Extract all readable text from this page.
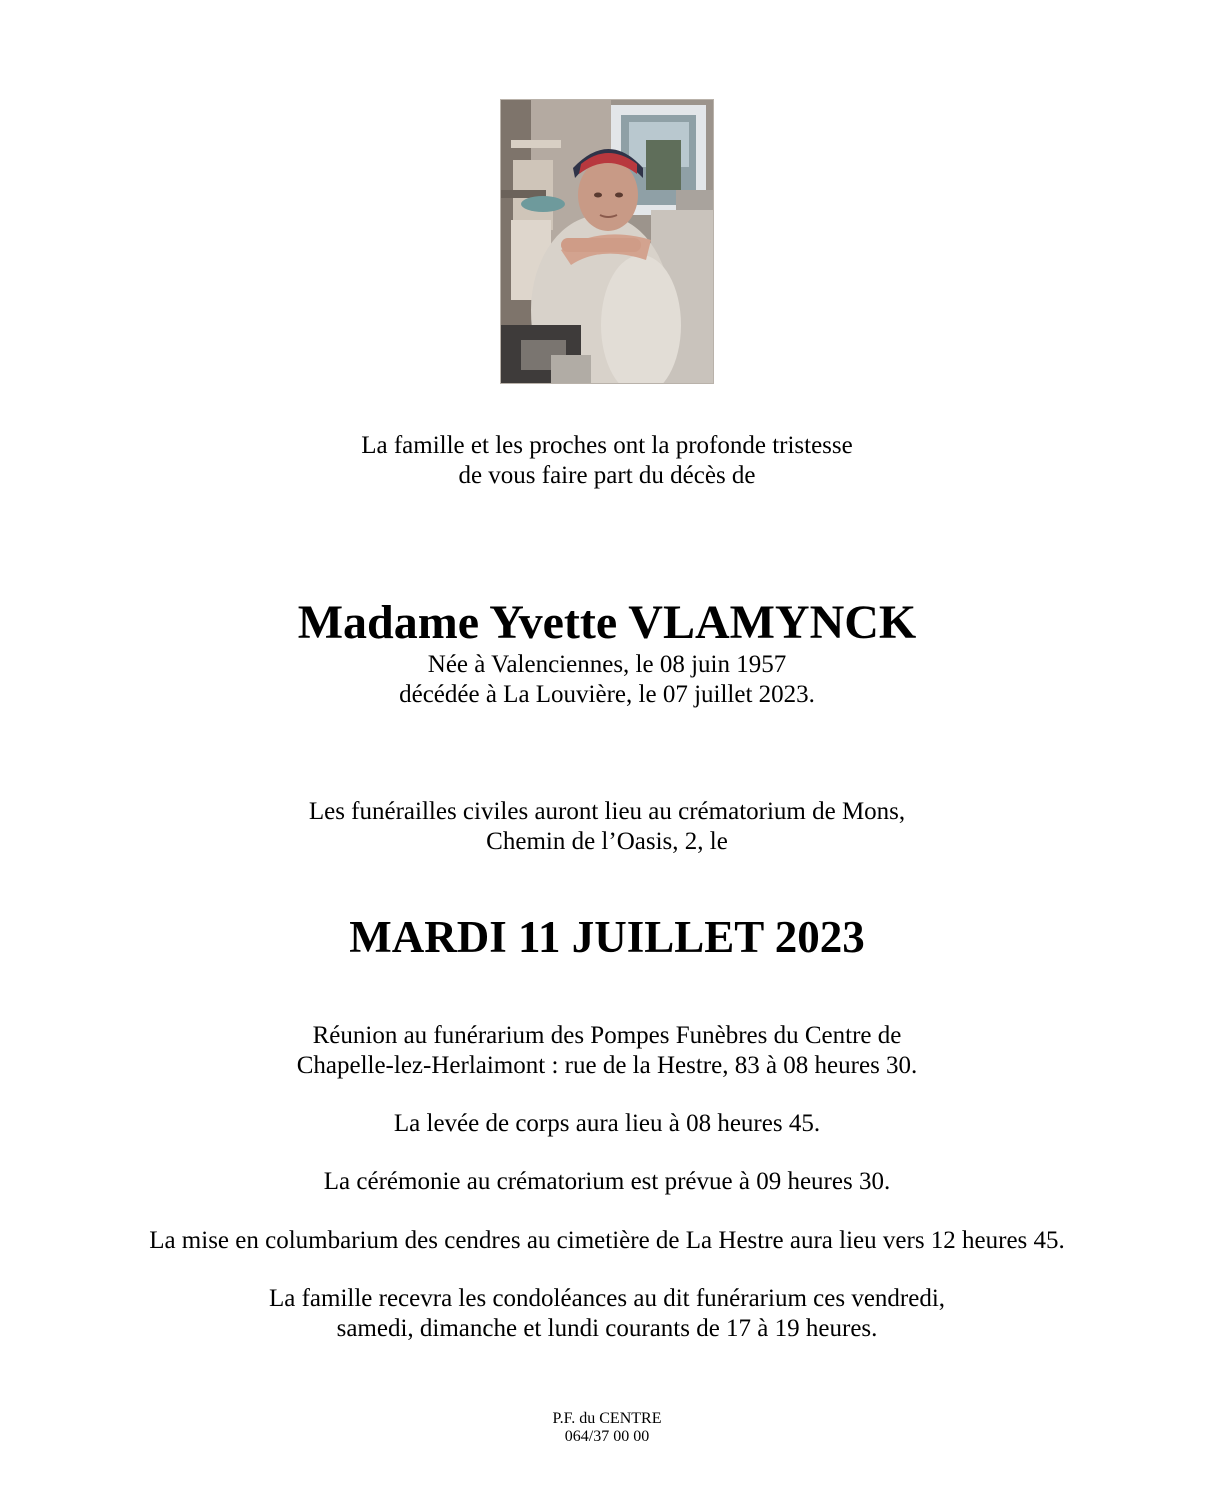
La famille et les proches ont la profonde tristesse
de vous faire part du décès de
Madame Yvette VLAMYNCK
Née à Valenciennes, le 08 juin 1957
décédée à La Louvière, le 07 juillet 2023.
Les funérailles civiles auront lieu au crématorium de Mons,
Chemin de l’Oasis, 2, le
MARDI 11 JUILLET 2023
Réunion au funérarium des Pompes Funèbres du Centre de
Chapelle-lez-Herlaimont : rue de la Hestre, 83 à 08 heures 30.
La levée de corps aura lieu à 08 heures 45.
La cérémonie au crématorium est prévue à 09 heures 30.
La mise en columbarium des cendres au cimetière de La Hestre aura lieu vers 12 heures 45.
La famille recevra les condoléances au dit funérarium ces vendredi,
samedi, dimanche et lundi courants de 17 à 19 heures.
P.F. du CENTRE
064/37 00 00
